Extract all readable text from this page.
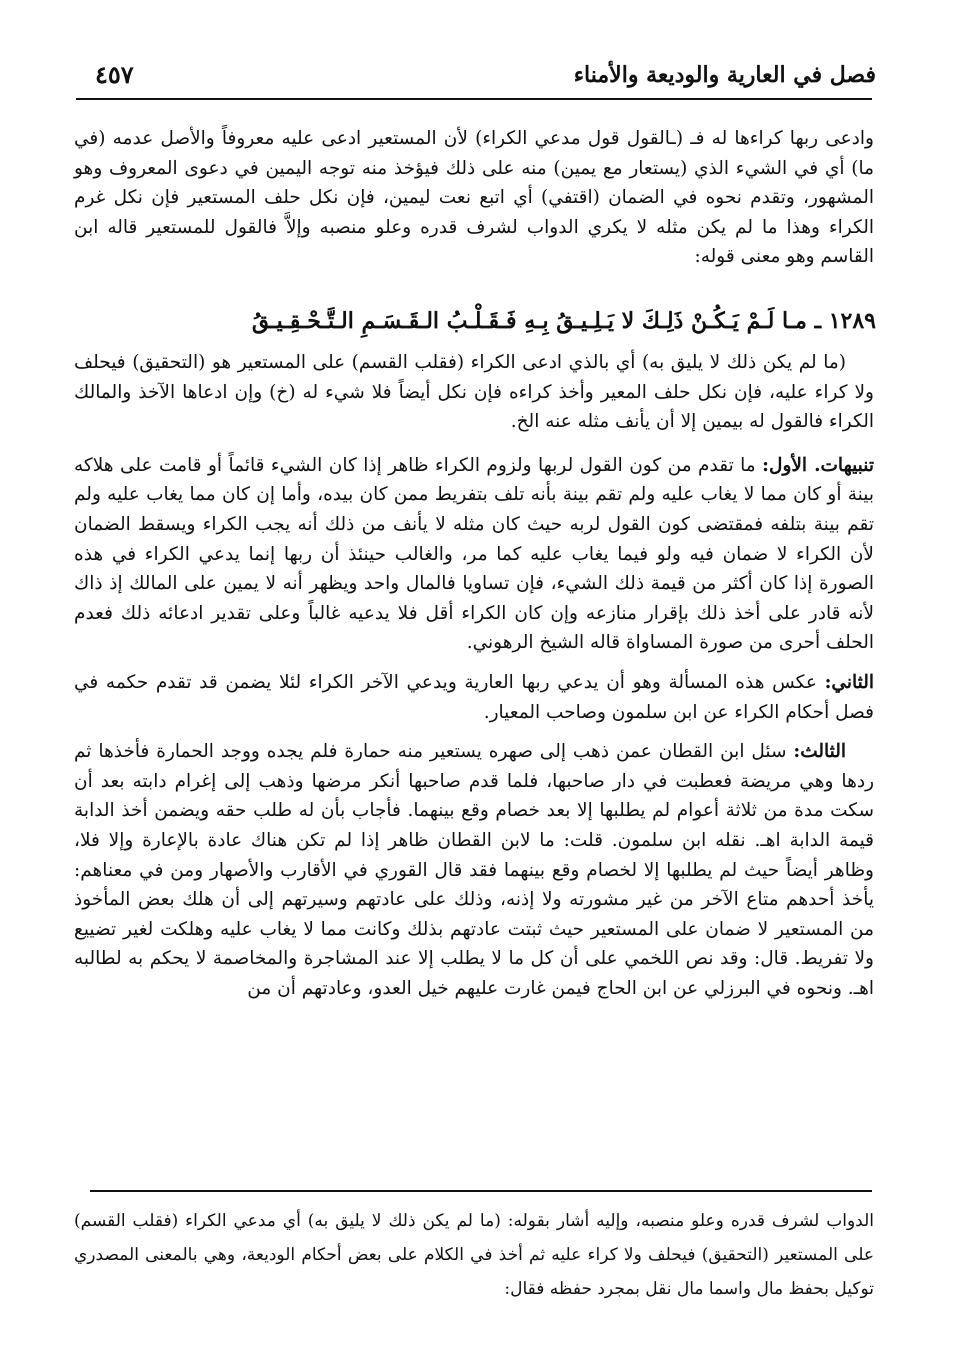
فصل في العارية والوديعة والأمناء
٤٥٧

وادعى ربها كراءها له فـ (ـالقول قول مدعي الكراء) لأن المستعير ادعى عليه معروفاً والأصل عدمه (في ما) أي في الشيء الذي (يستعار مع يمين) منه على ذلك فيؤخذ منه توجه اليمين في دعوى المعروف وهو المشهور، وتقدم نحوه في الضمان (اقتفي) أي اتبع نعت ليمين، فإن نكل حلف المستعير فإن نكل غرم الكراء وهذا ما لم يكن مثله لا يكري الدواب لشرف قدره وعلو منصبه وإلاَّ فالقول للمستعير قاله ابن القاسم وهو معنى قوله:

١٢٨٩ ـ مـا لَـمْ يَـكُـنْ ذَلِـكَ لا يَـلِـيـقُ بِـهِ فَـقَـلْـبُ الـقَـسَـمِ الـتَّـحْـقِـيـقُ

(ما لم يكن ذلك لا يليق به) أي بالذي ادعى الكراء (فقلب القسم) على المستعير هو (التحقيق) فيحلف ولا كراء عليه، فإن نكل حلف المعير وأخذ كراءه فإن نكل أيضاً فلا شيء له (خ) وإن ادعاها الآخذ والمالك الكراء فالقول له بيمين إلا أن يأنف مثله عنه الخ.

تنبيهات. الأول: ما تقدم من كون القول لربها ولزوم الكراء ظاهر إذا كان الشيء قائماً أو قامت على هلاكه بينة أو كان مما لا يغاب عليه ولم تقم بينة بأنه تلف بتفريط ممن كان بيده، وأما إن كان مما يغاب عليه ولم تقم بينة بتلفه فمقتضى كون القول لربه حيث كان مثله لا يأنف من ذلك أنه يجب الكراء ويسقط الضمان لأن الكراء لا ضمان فيه ولو فيما يغاب عليه كما مر، والغالب حينئذ أن ربها إنما يدعي الكراء في هذه الصورة إذا كان أكثر من قيمة ذلك الشيء، فإن تساويا فالمال واحد ويظهر أنه لا يمين على المالك إذ ذاك لأنه قادر على أخذ ذلك بإقرار منازعه وإن كان الكراء أقل فلا يدعيه غالباً وعلى تقدير ادعائه ذلك فعدم الحلف أحرى من صورة المساواة قاله الشيخ الرهوني.

الثاني: عكس هذه المسألة وهو أن يدعي ربها العارية ويدعي الآخر الكراء لئلا يضمن قد تقدم حكمه في فصل أحكام الكراء عن ابن سلمون وصاحب المعيار.

الثالث: سئل ابن القطان عمن ذهب إلى صهره يستعير منه حمارة فلم يجده ووجد الحمارة فأخذها ثم ردها وهي مريضة فعطبت في دار صاحبها، فلما قدم صاحبها أنكر مرضها وذهب إلى إغرام دابته بعد أن سكت مدة من ثلاثة أعوام لم يطلبها إلا بعد خصام وقع بينهما. فأجاب بأن له طلب حقه ويضمن أخذ الدابة قيمة الدابة اهـ. نقله ابن سلمون. قلت: ما لابن القطان ظاهر إذا لم تكن هناك عادة بالإعارة وإلا فلا، وظاهر أيضاً حيث لم يطلبها إلا لخصام وقع بينهما فقد قال القوري في الأقارب والأصهار ومن في معناهم: يأخذ أحدهم متاع الآخر من غير مشورته ولا إذنه، وذلك على عادتهم وسيرتهم إلى أن هلك بعض المأخوذ من المستعير لا ضمان على المستعير حيث ثبتت عادتهم بذلك وكانت مما لا يغاب عليه وهلكت لغير تضييع ولا تفريط. قال: وقد نص اللخمي على أن كل ما لا يطلب إلا عند المشاجرة والمخاصمة لا يحكم به لطالبه اهـ. ونحوه في البرزلي عن ابن الحاج فيمن غارت عليهم خيل العدو، وعادتهم أن من

الدواب لشرف قدره وعلو منصبه، وإليه أشار بقوله: (ما لم يكن ذلك لا يليق به) أي مدعي الكراء (فقلب القسم) على المستعير (التحقيق) فيحلف ولا كراء عليه ثم أخذ في الكلام على بعض أحكام الوديعة، وهي بالمعنى المصدري توكيل بحفظ مال واسما مال نقل بمجرد حفظه فقال:
